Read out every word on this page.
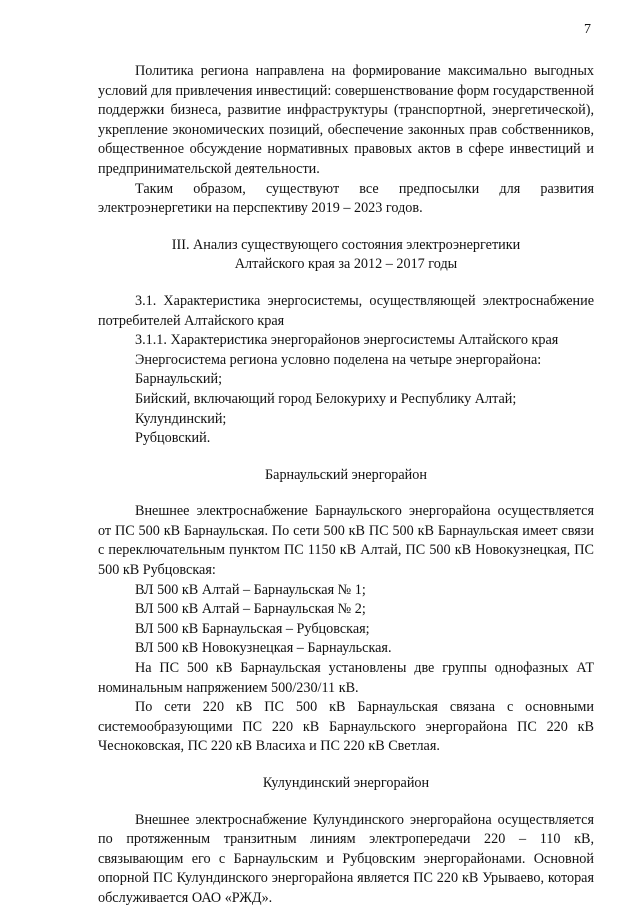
7

Политика региона направлена на формирование максимально выгодных условий для привлечения инвестиций: совершенствование форм государственной поддержки бизнеса, развитие инфраструктуры (транспортной, энергетической), укрепление экономических позиций, обеспечение законных прав собственников, общественное обсуждение нормативных правовых актов в сфере инвестиций и предпринимательской деятельности.

Таким образом, существуют все предпосылки для развития электроэнергетики на перспективу 2019 – 2023 годов.

III. Анализ существующего состояния электроэнергетики

Алтайского края за 2012 – 2017 годы

3.1. Характеристика энергосистемы, осуществляющей электроснабжение потребителей Алтайского края

3.1.1. Характеристика энергорайонов энергосистемы Алтайского края

Энергосистема региона условно поделена на четыре энергорайона:

Барнаульский;

Бийский, включающий город Белокуриху и Республику Алтай;

Кулундинский;

Рубцовский.

Барнаульский энергорайон

Внешнее электроснабжение Барнаульского энергорайона осуществляется от ПС 500 кВ Барнаульская. По сети 500 кВ ПС 500 кВ Барнаульская имеет связи с переключательным пунктом ПС 1150 кВ Алтай, ПС 500 кВ Новокузнецкая, ПС 500 кВ Рубцовская:

ВЛ 500 кВ Алтай – Барнаульская № 1;

ВЛ 500 кВ Алтай – Барнаульская № 2;

ВЛ 500 кВ Барнаульская – Рубцовская;

ВЛ 500 кВ Новокузнецкая – Барнаульская.

На ПС 500 кВ Барнаульская установлены две группы однофазных АТ номинальным напряжением 500/230/11 кВ.

По сети 220 кВ ПС 500 кВ Барнаульская связана с основными системообразующими ПС 220 кВ Барнаульского энергорайона ПС 220 кВ Чесноковская, ПС 220 кВ Власиха и ПС 220 кВ Светлая.

Кулундинский энергорайон

Внешнее электроснабжение Кулундинского энергорайона осуществляется по протяженным транзитным линиям электропередачи 220 – 110 кВ, связывающим его с Барнаульским и Рубцовским энергорайонами. Основной опорной ПС Кулундинского энергорайона является ПС 220 кВ Урываево, которая обслуживается ОАО «РЖД».
